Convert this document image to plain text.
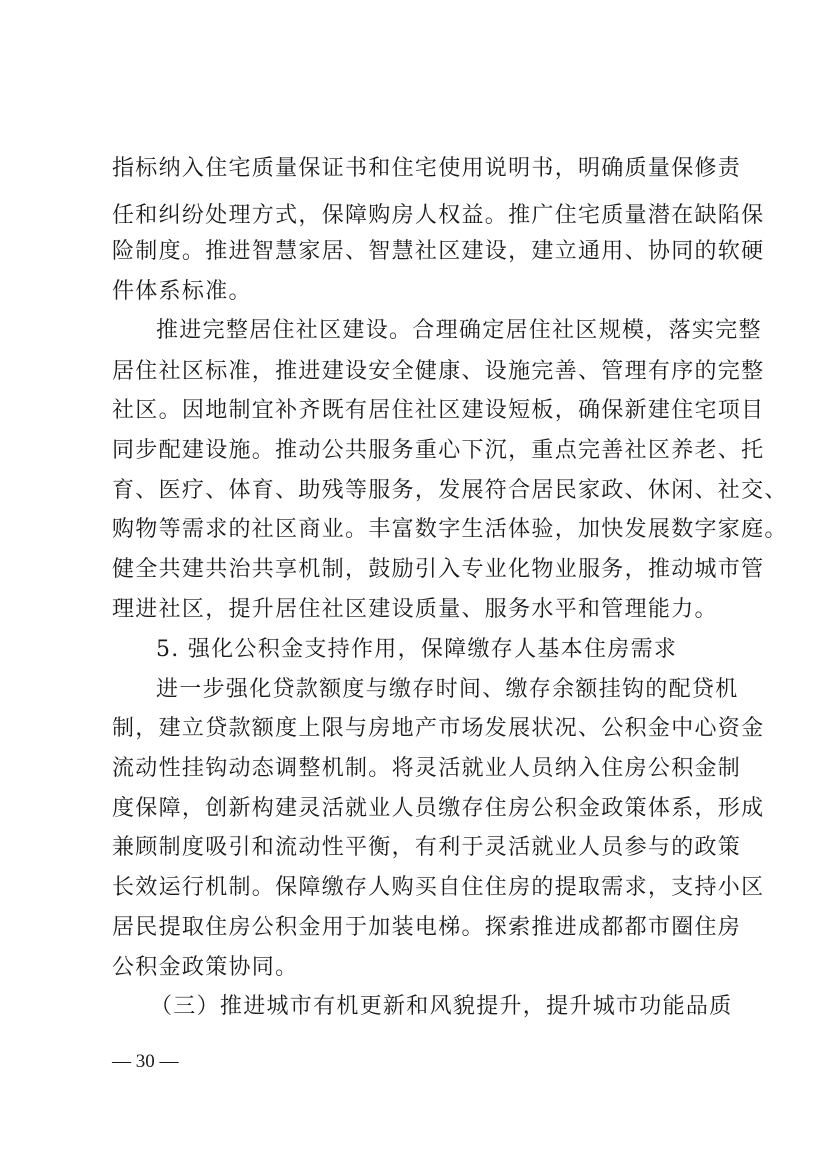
指标纳入住宅质量保证书和住宅使用说明书，明确质量保修责
任和纠纷处理方式，保障购房人权益。推广住宅质量潜在缺陷保
险制度。推进智慧家居、智慧社区建设，建立通用、协同的软硬
件体系标准。
推进完整居住社区建设。合理确定居住社区规模，落实完整
居住社区标准，推进建设安全健康、设施完善、管理有序的完整
社区。因地制宜补齐既有居住社区建设短板，确保新建住宅项目
同步配建设施。推动公共服务重心下沉，重点完善社区养老、托
育、医疗、体育、助残等服务，发展符合居民家政、休闲、社交、
购物等需求的社区商业。丰富数字生活体验，加快发展数字家庭。
健全共建共治共享机制，鼓励引入专业化物业服务，推动城市管
理进社区，提升居住社区建设质量、服务水平和管理能力。
5. 强化公积金支持作用，保障缴存人基本住房需求
进一步强化贷款额度与缴存时间、缴存余额挂钩的配贷机
制，建立贷款额度上限与房地产市场发展状况、公积金中心资金
流动性挂钩动态调整机制。将灵活就业人员纳入住房公积金制
度保障，创新构建灵活就业人员缴存住房公积金政策体系，形成
兼顾制度吸引和流动性平衡，有利于灵活就业人员参与的政策
长效运行机制。保障缴存人购买自住住房的提取需求，支持小区
居民提取住房公积金用于加装电梯。探索推进成都都市圈住房
公积金政策协同。
（三）推进城市有机更新和风貌提升，提升城市功能品质
— 30 —
